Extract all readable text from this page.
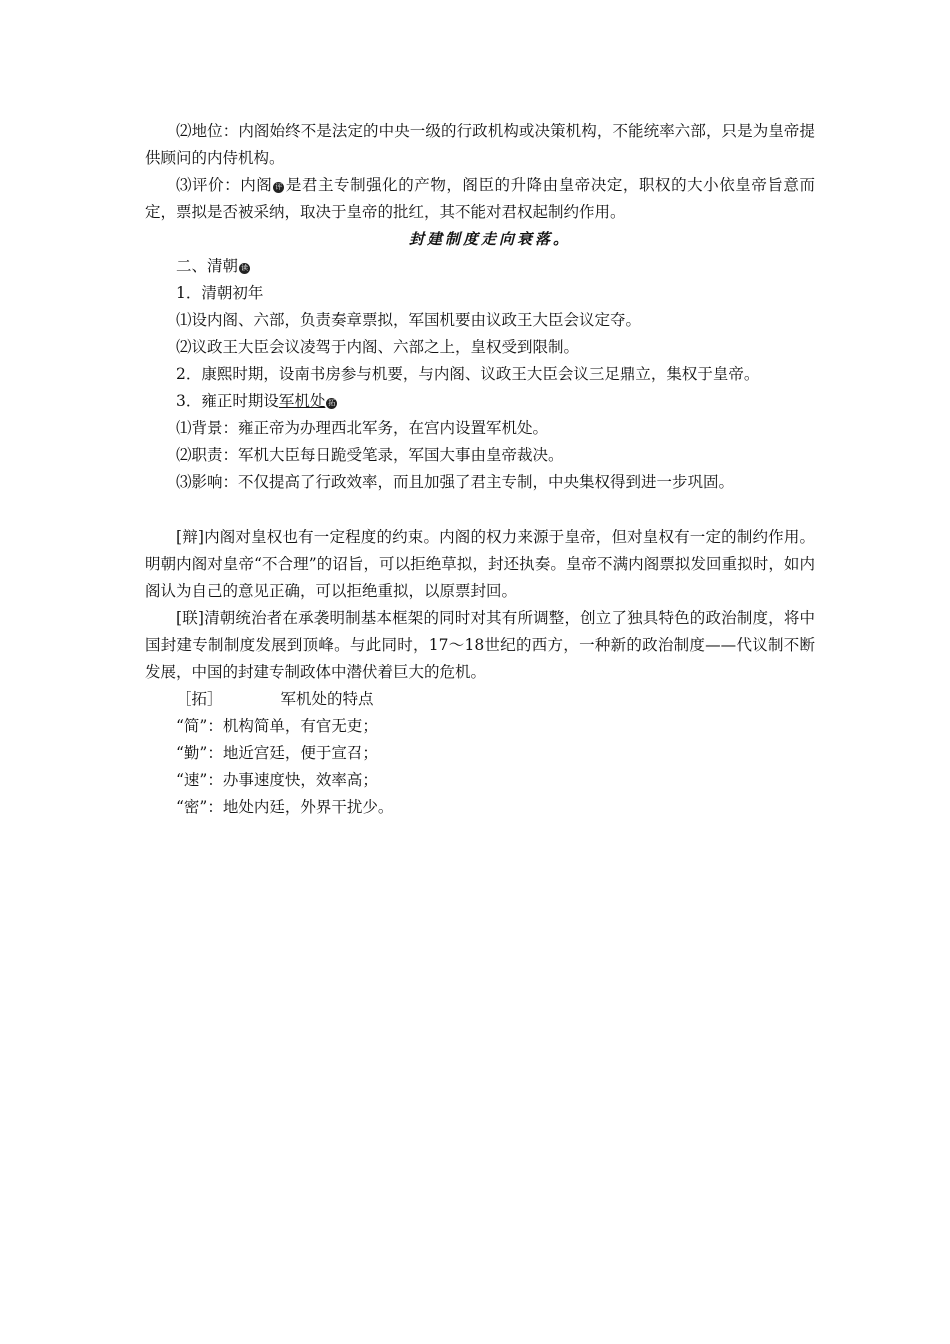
⑵地位：内阁始终不是法定的中央一级的行政机构或决策机构，不能统率六部，只是为皇帝提供顾问的内侍机构。

⑶评价：内阁 评 是君主专制强化的产物，阁臣的升降由皇帝决定，职权的大小依皇帝旨意而定，票拟是否被采纳，取决于皇帝的批红，其不能对君权起制约作用。

封建制度走向衰落。

二、清朝 读

1．清朝初年

⑴设内阁、六部，负责奏章票拟，军国机要由议政王大臣会议定夺。

⑵议政王大臣会议凌驾于内阁、六部之上，皇权受到限制。

2．康熙时期，设南书房参与机要，与内阁、议政王大臣会议三足鼎立，集权于皇帝。

3．雍正时期设军机处 拓

⑴背景：雍正帝为办理西北军务，在宫内设置军机处。

⑵职责：军机大臣每日跪受笔录，军国大事由皇帝裁决。

⑶影响：不仅提高了行政效率，而且加强了君主专制，中央集权得到进一步巩固。

[辩]内阁对皇权也有一定程度的约束。内阁的权力来源于皇帝，但对皇权有一定的制约作用。明朝内阁对皇帝“不合理”的诏旨，可以拒绝草拟，封还执奏。皇帝不满内阁票拟发回重拟时，如内阁认为自己的意见正确，可以拒绝重拟，以原票封回。

[联]清朝统治者在承袭明制基本框架的同时对其有所调整，创立了独具特色的政治制度，将中国封建专制制度发展到顶峰。与此同时，17～18世纪的西方，一种新的政治制度——代议制不断发展，中国的封建专制政体中潜伏着巨大的危机。

［拓］	军机处的特点

“简”：机构简单，有官无吏；

“勤”：地近宫廷，便于宣召；

“速”：办事速度快，效率高；

“密”：地处内廷，外界干扰少。
